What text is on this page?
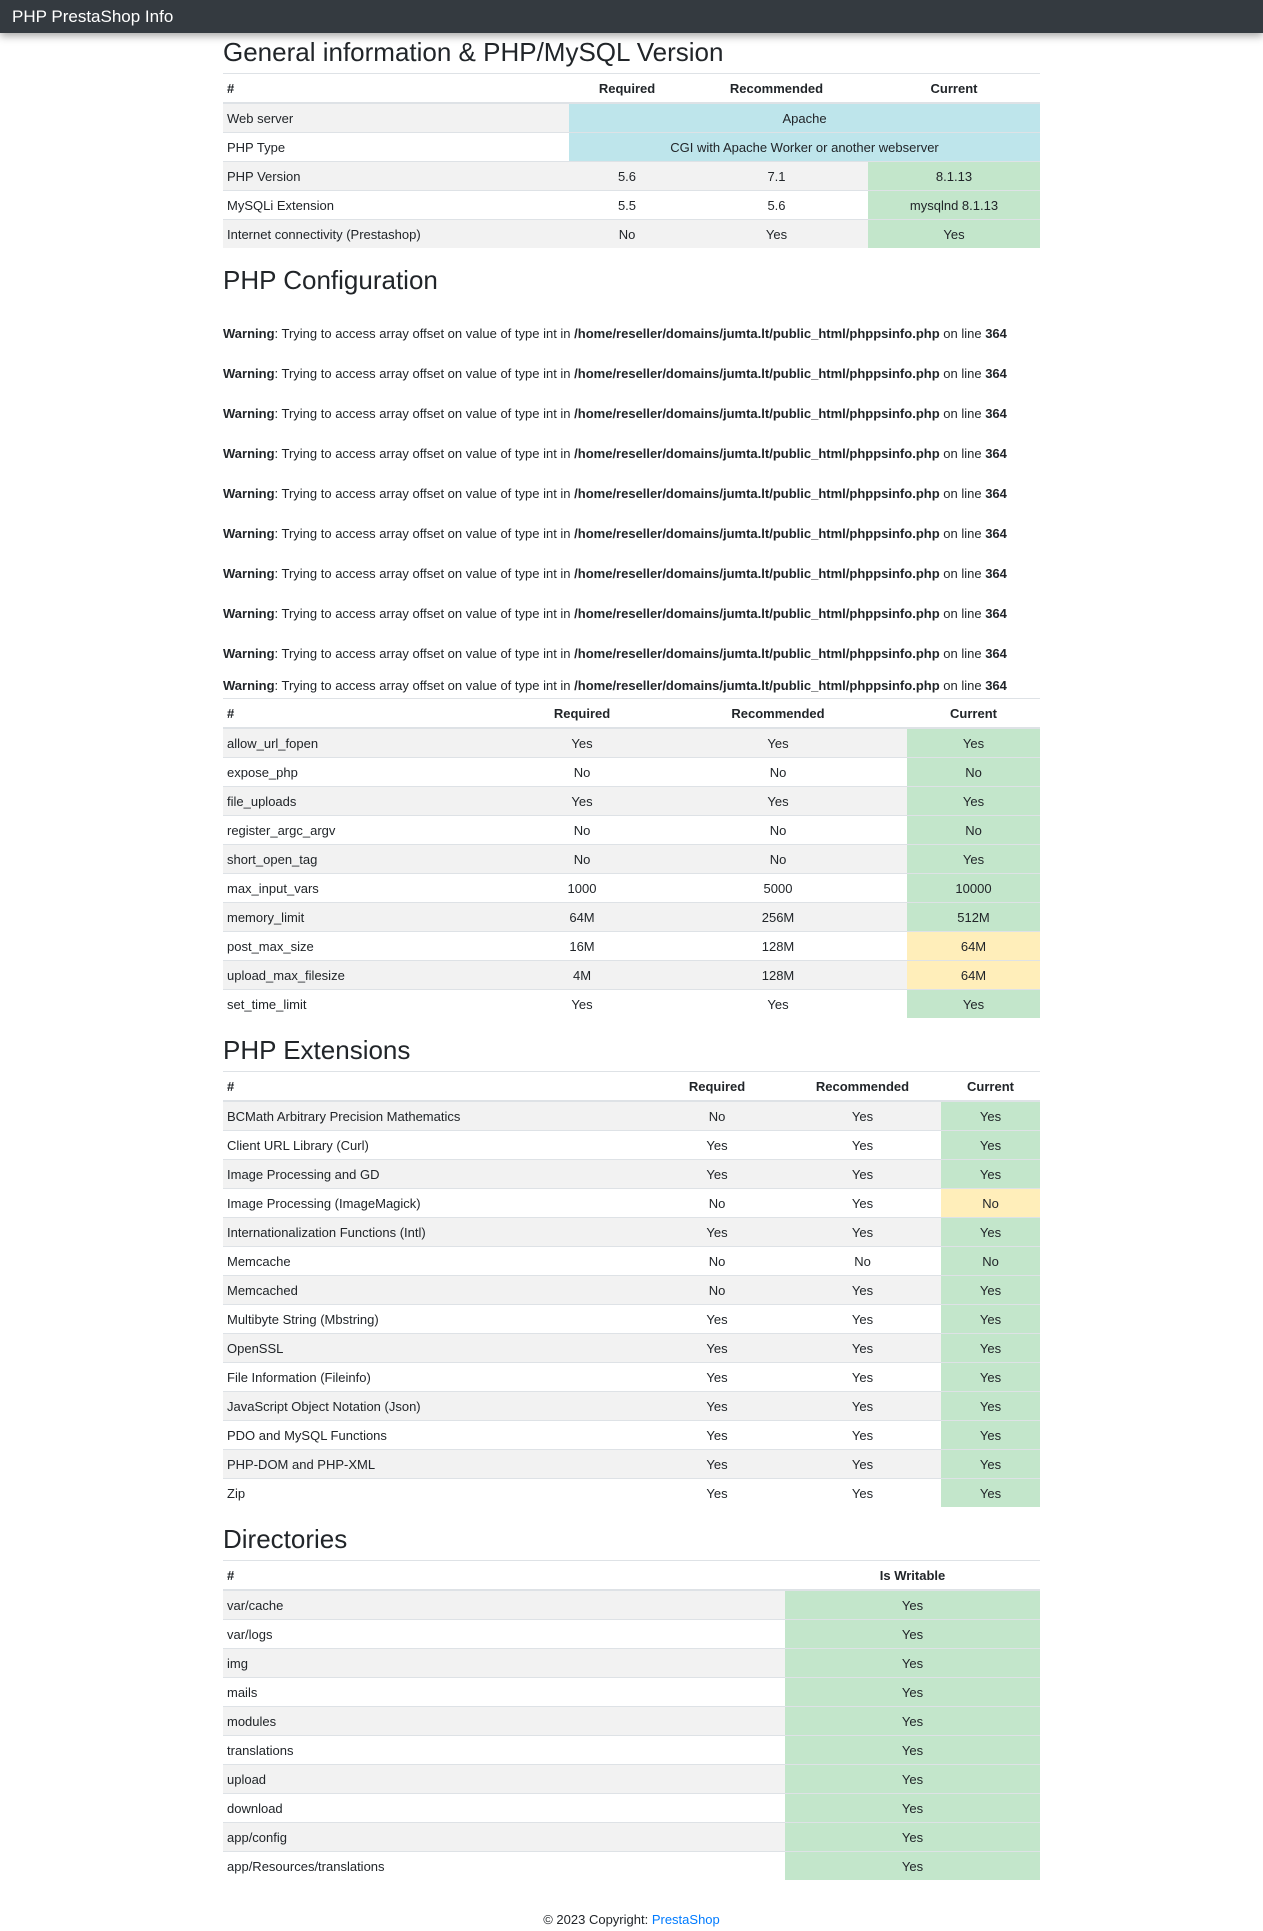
PHP PrestaShop Info
General information & PHP/MySQL Version
#	Required	Recommended	Current
Web server	Apache		
PHP Type	CGI with Apache Worker or another webserver		
PHP Version	5.6	7.1	8.1.13
MySQLi Extension	5.5	5.6	mysqlnd 8.1.13
Internet connectivity (Prestashop)	No	Yes	Yes
PHP Configuration
Warning: Trying to access array offset on value of type int in /home/reseller/domains/jumta.lt/public_html/phppsinfo.php on line 364
Warning: Trying to access array offset on value of type int in /home/reseller/domains/jumta.lt/public_html/phppsinfo.php on line 364
Warning: Trying to access array offset on value of type int in /home/reseller/domains/jumta.lt/public_html/phppsinfo.php on line 364
Warning: Trying to access array offset on value of type int in /home/reseller/domains/jumta.lt/public_html/phppsinfo.php on line 364
Warning: Trying to access array offset on value of type int in /home/reseller/domains/jumta.lt/public_html/phppsinfo.php on line 364
Warning: Trying to access array offset on value of type int in /home/reseller/domains/jumta.lt/public_html/phppsinfo.php on line 364
Warning: Trying to access array offset on value of type int in /home/reseller/domains/jumta.lt/public_html/phppsinfo.php on line 364
Warning: Trying to access array offset on value of type int in /home/reseller/domains/jumta.lt/public_html/phppsinfo.php on line 364
Warning: Trying to access array offset on value of type int in /home/reseller/domains/jumta.lt/public_html/phppsinfo.php on line 364
Warning: Trying to access array offset on value of type int in /home/reseller/domains/jumta.lt/public_html/phppsinfo.php on line 364
#	Required	Recommended	Current
allow_url_fopen	Yes	Yes	Yes
expose_php	No	No	No
file_uploads	Yes	Yes	Yes
register_argc_argv	No	No	No
short_open_tag	No	No	Yes
max_input_vars	1000	5000	10000
memory_limit	64M	256M	512M
post_max_size	16M	128M	64M
upload_max_filesize	4M	128M	64M
set_time_limit	Yes	Yes	Yes
PHP Extensions
#	Required	Recommended	Current
BCMath Arbitrary Precision Mathematics	No	Yes	Yes
Client URL Library (Curl)	Yes	Yes	Yes
Image Processing and GD	Yes	Yes	Yes
Image Processing (ImageMagick)	No	Yes	No
Internationalization Functions (Intl)	Yes	Yes	Yes
Memcache	No	No	No
Memcached	No	Yes	Yes
Multibyte String (Mbstring)	Yes	Yes	Yes
OpenSSL	Yes	Yes	Yes
File Information (Fileinfo)	Yes	Yes	Yes
JavaScript Object Notation (Json)	Yes	Yes	Yes
PDO and MySQL Functions	Yes	Yes	Yes
PHP-DOM and PHP-XML	Yes	Yes	Yes
Zip	Yes	Yes	Yes
Directories
#	Is Writable
var/cache	Yes
var/logs	Yes
img	Yes
mails	Yes
modules	Yes
translations	Yes
upload	Yes
download	Yes
app/config	Yes
app/Resources/translations	Yes
© 2023 Copyright: PrestaShop
